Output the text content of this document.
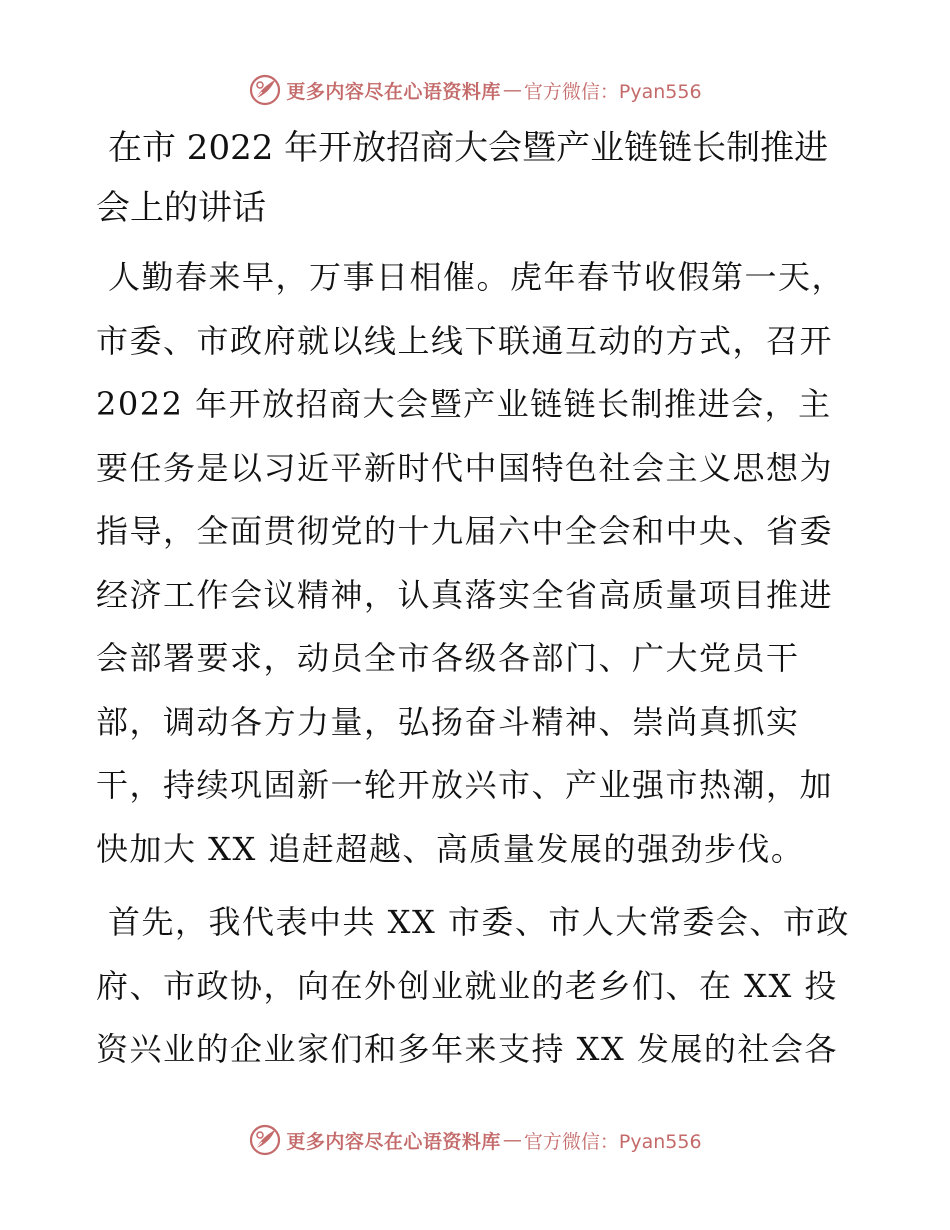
更多内容尽在心语资料库 — 官方微信：Pyan556
在市 2022 年开放招商大会暨产业链链长制推进会上的讲话

人勤春来早，万事日相催。虎年春节收假第一天，市委、市政府就以线上线下联通互动的方式，召开 2022 年开放招商大会暨产业链链长制推进会，主要任务是以习近平新时代中国特色社会主义思想为指导，全面贯彻党的十九届六中全会和中央、省委经济工作会议精神，认真落实全省高质量项目推进会部署要求，动员全市各级各部门、广大党员干部，调动各方力量，弘扬奋斗精神、崇尚真抓实干，持续巩固新一轮开放兴市、产业强市热潮，加快加大 XX 追赶超越、高质量发展的强劲步伐。

首先，我代表中共 XX 市委、市人大常委会、市政府、市政协，向在外创业就业的老乡们、在 XX 投资兴业的企业家们和多年来支持 XX 发展的社会各

更多内容尽在心语资料库 — 官方微信：Pyan556
